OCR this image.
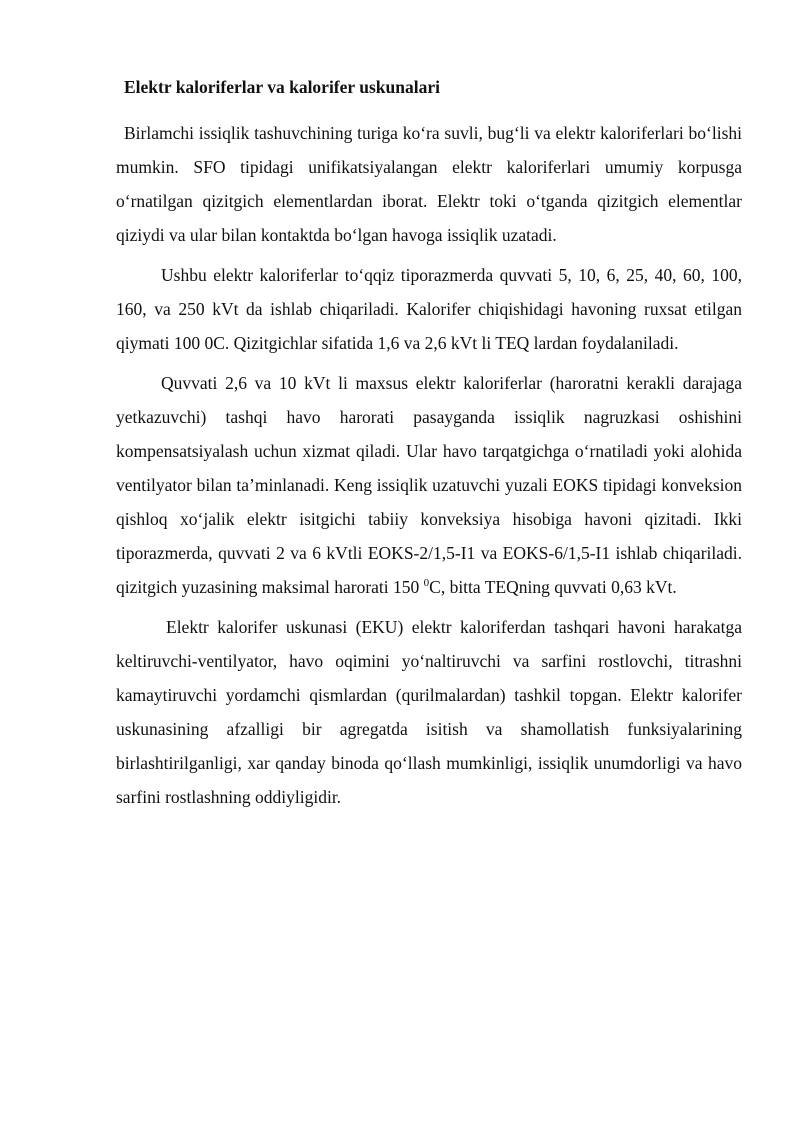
Elektr kaloriferlar va kalorifer uskunalari

Birlamchi issiqlik tashuvchining turiga koʻra suvli, bugʻli va elektr kaloriferlari boʻlishi mumkin. SFO tipidagi unifikatsiyalangan elektr kaloriferlari umumiy korpusga oʻrnatilgan qizitgich elementlardan iborat. Elektr toki oʻtganda qizitgich elementlar qiziydi va ular bilan kontaktda boʻlgan havoga issiqlik uzatadi.

Ushbu elektr kaloriferlar toʻqqiz tiporazmerda quvvati 5, 10, 6, 25, 40, 60, 100, 160, va 250 kVt da ishlab chiqariladi. Kalorifer chiqishidagi havoning ruxsat etilgan qiymati 100 0C. Qizitgichlar sifatida 1,6 va 2,6 kVt li TEQ lardan foydalaniladi.

Quvvati 2,6 va 10 kVt li maxsus elektr kaloriferlar (haroratni kerakli darajaga yetkazuvchi) tashqi havo harorati pasayganda issiqlik nagruzkasi oshishini kompensatsiyalash uchun xizmat qiladi. Ular havo tarqatgichga oʻrnatiladi yoki alohida ventilyator bilan ta’minlanadi. Keng issiqlik uzatuvchi yuzali EOKS tipidagi konveksion qishloq xoʻjalik elektr isitgichi tabiiy konveksiya hisobiga havoni qizitadi. Ikki tiporazmerda, quvvati 2 va 6 kVtli EOKS-2/1,5-I1 va EOKS-6/1,5-I1 ishlab chiqariladi. qizitgich yuzasining maksimal harorati 150 $^0$C, bitta TEQning quvvati 0,63 kVt.

Elektr kalorifer uskunasi (EKU) elektr kaloriferdan tashqari havoni harakatga keltiruvchi-ventilyator, havo oqimini yoʻnaltiruvchi va sarfini rostlovchi, titrashni kamaytiruvchi yordamchi qismlardan (qurilmalardan) tashkil topgan. Elektr kalorifer uskunasining afzalligi bir agregatda isitish va shamollatish funksiyalarining birlashtirilganligi, xar qanday binoda qoʻllash mumkinligi, issiqlik unumdorligi va havo sarfini rostlashning oddiyligidir.
